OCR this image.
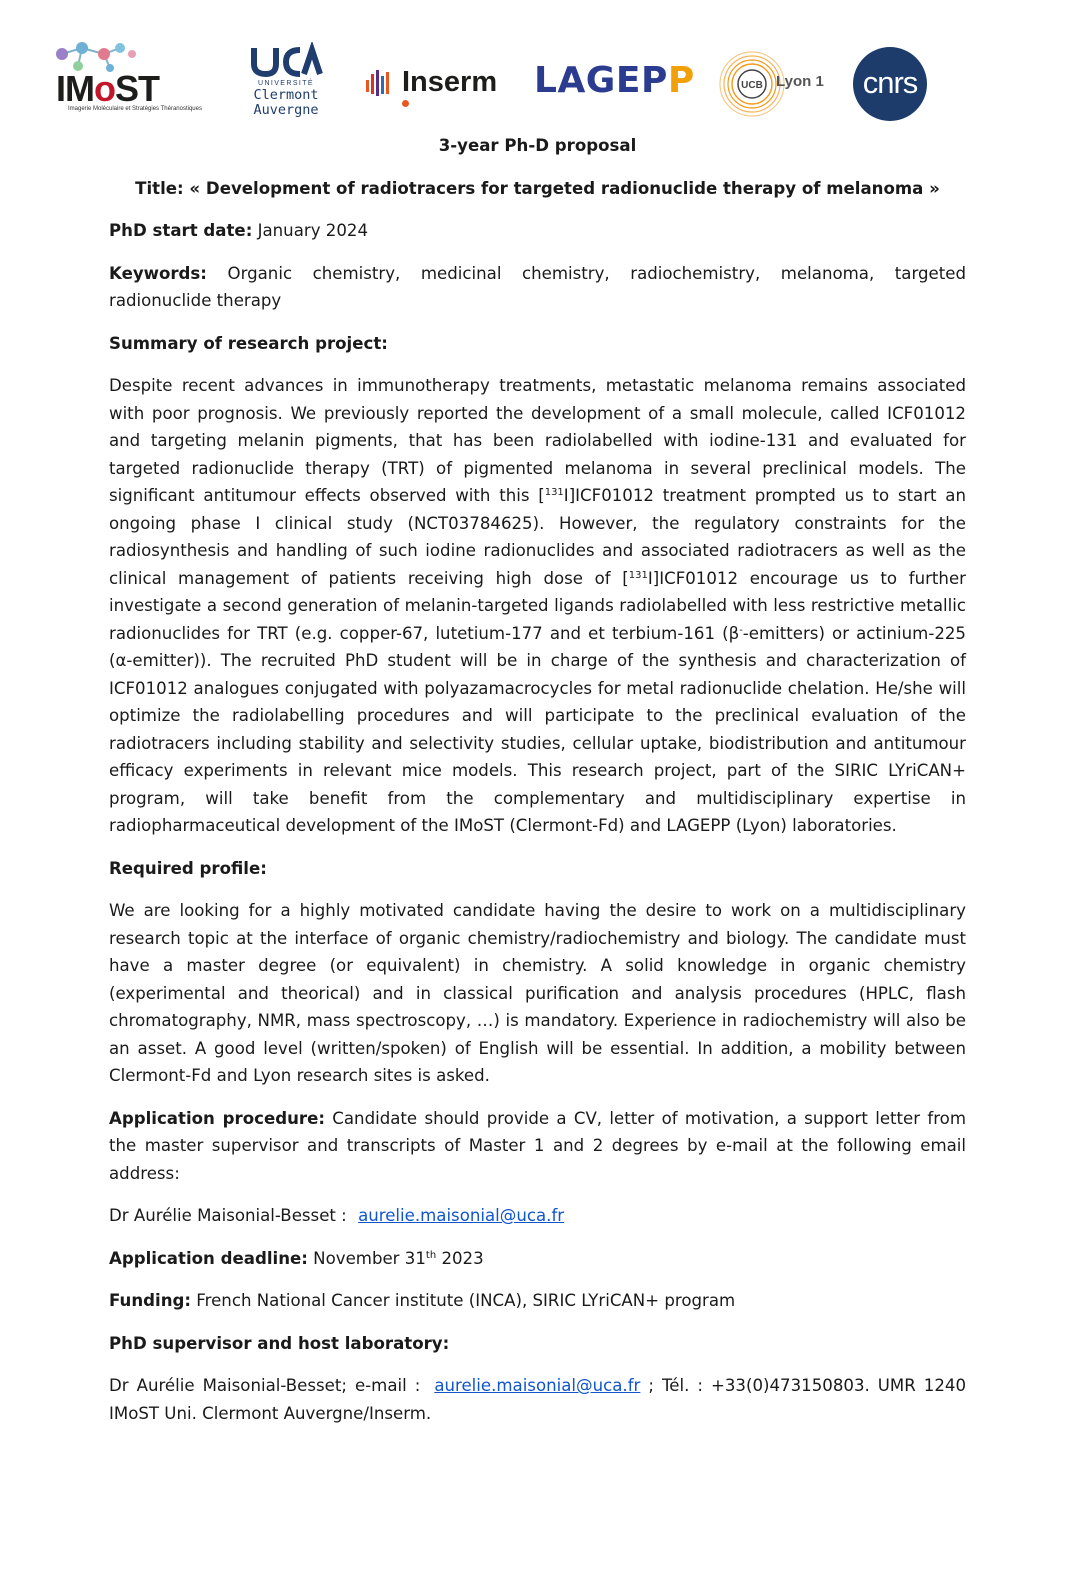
IMoST
Imagerie Moléculaire et Stratégies Théranostiques
UNIVERSITÉ
Clermont
Auvergne
Inserm LAGEPP	UCB Lyon 1	cnrs

3-year Ph-D proposal

Title: « Development of radiotracers for targeted radionuclide therapy of melanoma »

PhD start date: January 2024

Keywords: Organic chemistry, medicinal chemistry, radiochemistry, melanoma, targeted radionuclide therapy

Summary of research project:

Despite recent advances in immunotherapy treatments, metastatic melanoma remains associated with poor prognosis. We previously reported the development of a small molecule, called ICF01012 and targeting melanin pigments, that has been radiolabelled with iodine-131 and evaluated for targeted radionuclide therapy (TRT) of pigmented melanoma in several preclinical models. The significant antitumour effects observed with this [$^{131}$I]ICF01012 treatment prompted us to start an ongoing phase I clinical study (NCT03784625). However, the regulatory constraints for the radiosynthesis and handling of such iodine radionuclides and associated radiotracers as well as the clinical management of patients receiving high dose of [$^{131}$I]ICF01012 encourage us to further investigate a second generation of melanin-targeted ligands radiolabelled with less restrictive metallic radionuclides for TRT (e.g. copper-67, lutetium-177 and et terbium-161 (β--emitters) or actinium-225 (α-emitter)). The recruited PhD student will be in charge of the synthesis and characterization of ICF01012 analogues conjugated with polyazamacrocycles for metal radionuclide chelation. He/she will optimize the radiolabelling procedures and will participate to the preclinical evaluation of the radiotracers including stability and selectivity studies, cellular uptake, biodistribution and antitumour efficacy experiments in relevant mice models. This research project, part of the SIRIC LYriCAN+ program, will take benefit from the complementary and multidisciplinary expertise in radiopharmaceutical development of the IMoST (Clermont-Fd) and LAGEPP (Lyon) laboratories.

Required profile:

We are looking for a highly motivated candidate having the desire to work on a multidisciplinary research topic at the interface of organic chemistry/radiochemistry and biology. The candidate must have a master degree (or equivalent) in chemistry. A solid knowledge in organic chemistry (experimental and theorical) and in classical purification and analysis procedures (HPLC, flash chromatography, NMR, mass spectroscopy, …) is mandatory. Experience in radiochemistry will also be an asset. A good level (written/spoken) of English will be essential. In addition, a mobility between Clermont-Fd and Lyon research sites is asked.

Application procedure: Candidate should provide a CV, letter of motivation, a support letter from the master supervisor and transcripts of Master 1 and 2 degrees by e-mail at the following email address:

Dr Aurélie Maisonial-Besset : aurelie.maisonial@uca.fr

Application deadline: November 31th 2023

Funding: French National Cancer institute (INCA), SIRIC LYriCAN+ program

PhD supervisor and host laboratory:

Dr Aurélie Maisonial-Besset; e-mail : aurelie.maisonial@uca.fr ; Tél. : +33(0)473150803. UMR 1240 IMoST Uni. Clermont Auvergne/Inserm.
